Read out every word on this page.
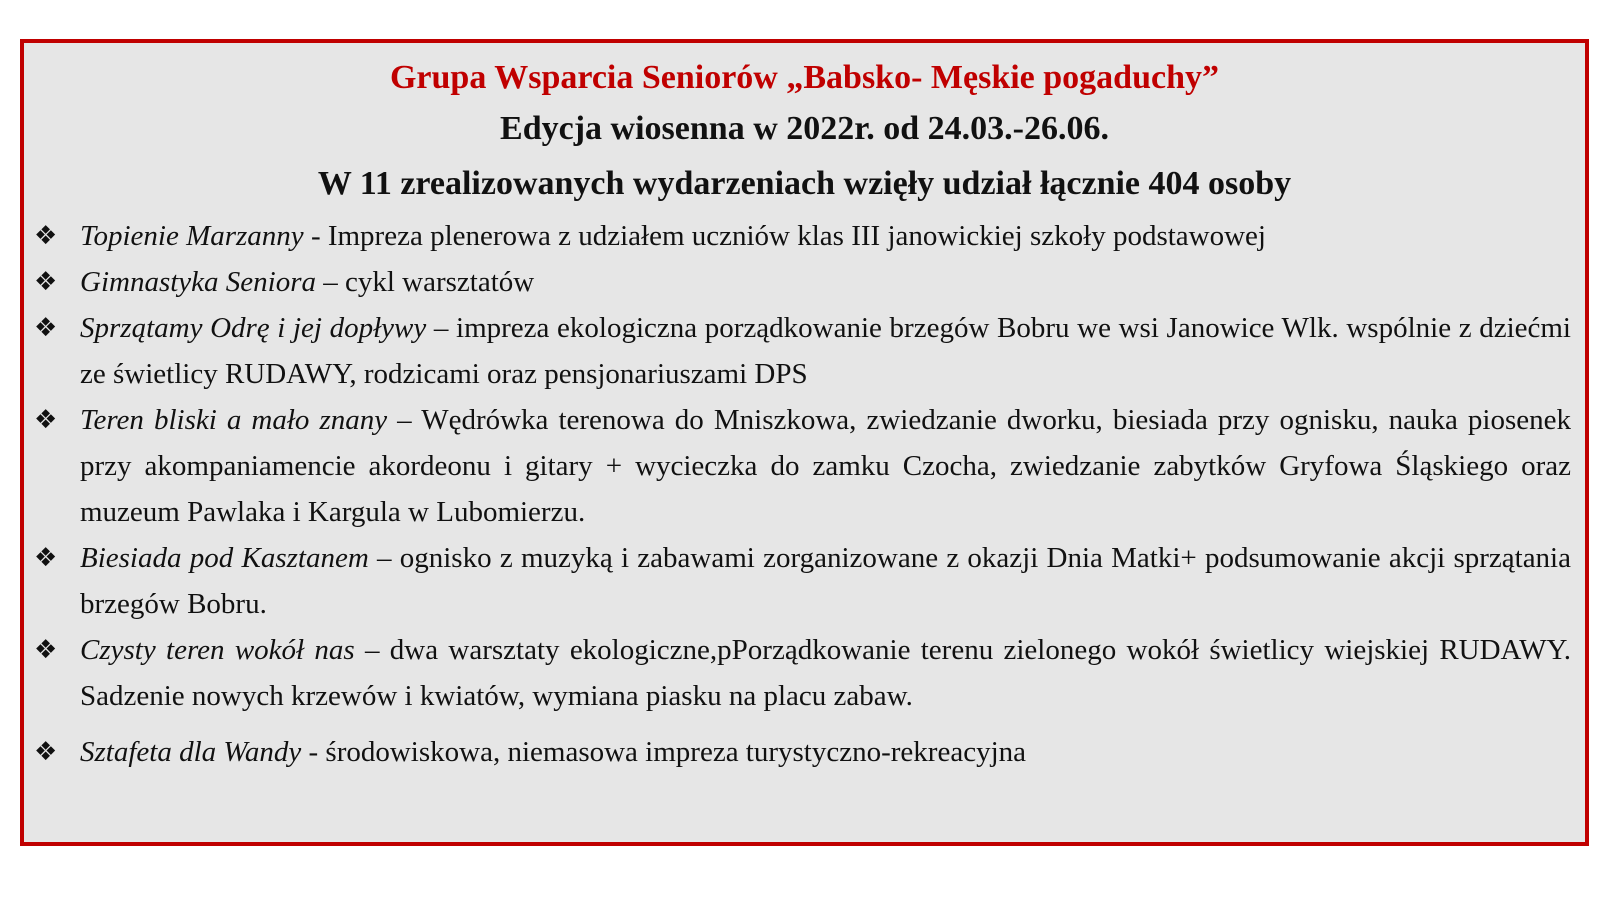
Grupa Wsparcia Seniorów „Babsko- Męskie pogaduchy”

Edycja wiosenna w 2022r. od 24.03.-26.06.

W 11 zrealizowanych wydarzeniach wzięły udział łącznie 404 osoby

❖ Topienie Marzanny - Impreza plenerowa z udziałem uczniów klas III janowickiej szkoły podstawowej
❖ Gimnastyka Seniora – cykl warsztatów
❖ Sprzątamy Odrę i jej dopływy – impreza ekologiczna porządkowanie brzegów Bobru we wsi Janowice Wlk. wspólnie z dziećmi ze świetlicy RUDAWY, rodzicami oraz pensjonariuszami DPS
❖ Teren bliski a mało znany – Wędrówka terenowa do Mniszkowa, zwiedzanie dworku, biesiada przy ognisku, nauka piosenek przy akompaniamencie akordeonu i gitary + wycieczka do zamku Czocha, zwiedzanie zabytków Gryfowa Śląskiego oraz muzeum Pawlaka i Kargula w Lubomierzu.
❖ Biesiada pod Kasztanem – ognisko z muzyką i zabawami zorganizowane z okazji Dnia Matki+ podsumowanie akcji sprzątania brzegów Bobru.
❖ Czysty teren wokół nas – dwa warsztaty ekologiczne,pPorządkowanie terenu zielonego wokół świetlicy wiejskiej RUDAWY. Sadzenie nowych krzewów i kwiatów, wymiana piasku na placu zabaw.
❖ Sztafeta dla Wandy - środowiskowa, niemasowa impreza turystyczno-rekreacyjna
